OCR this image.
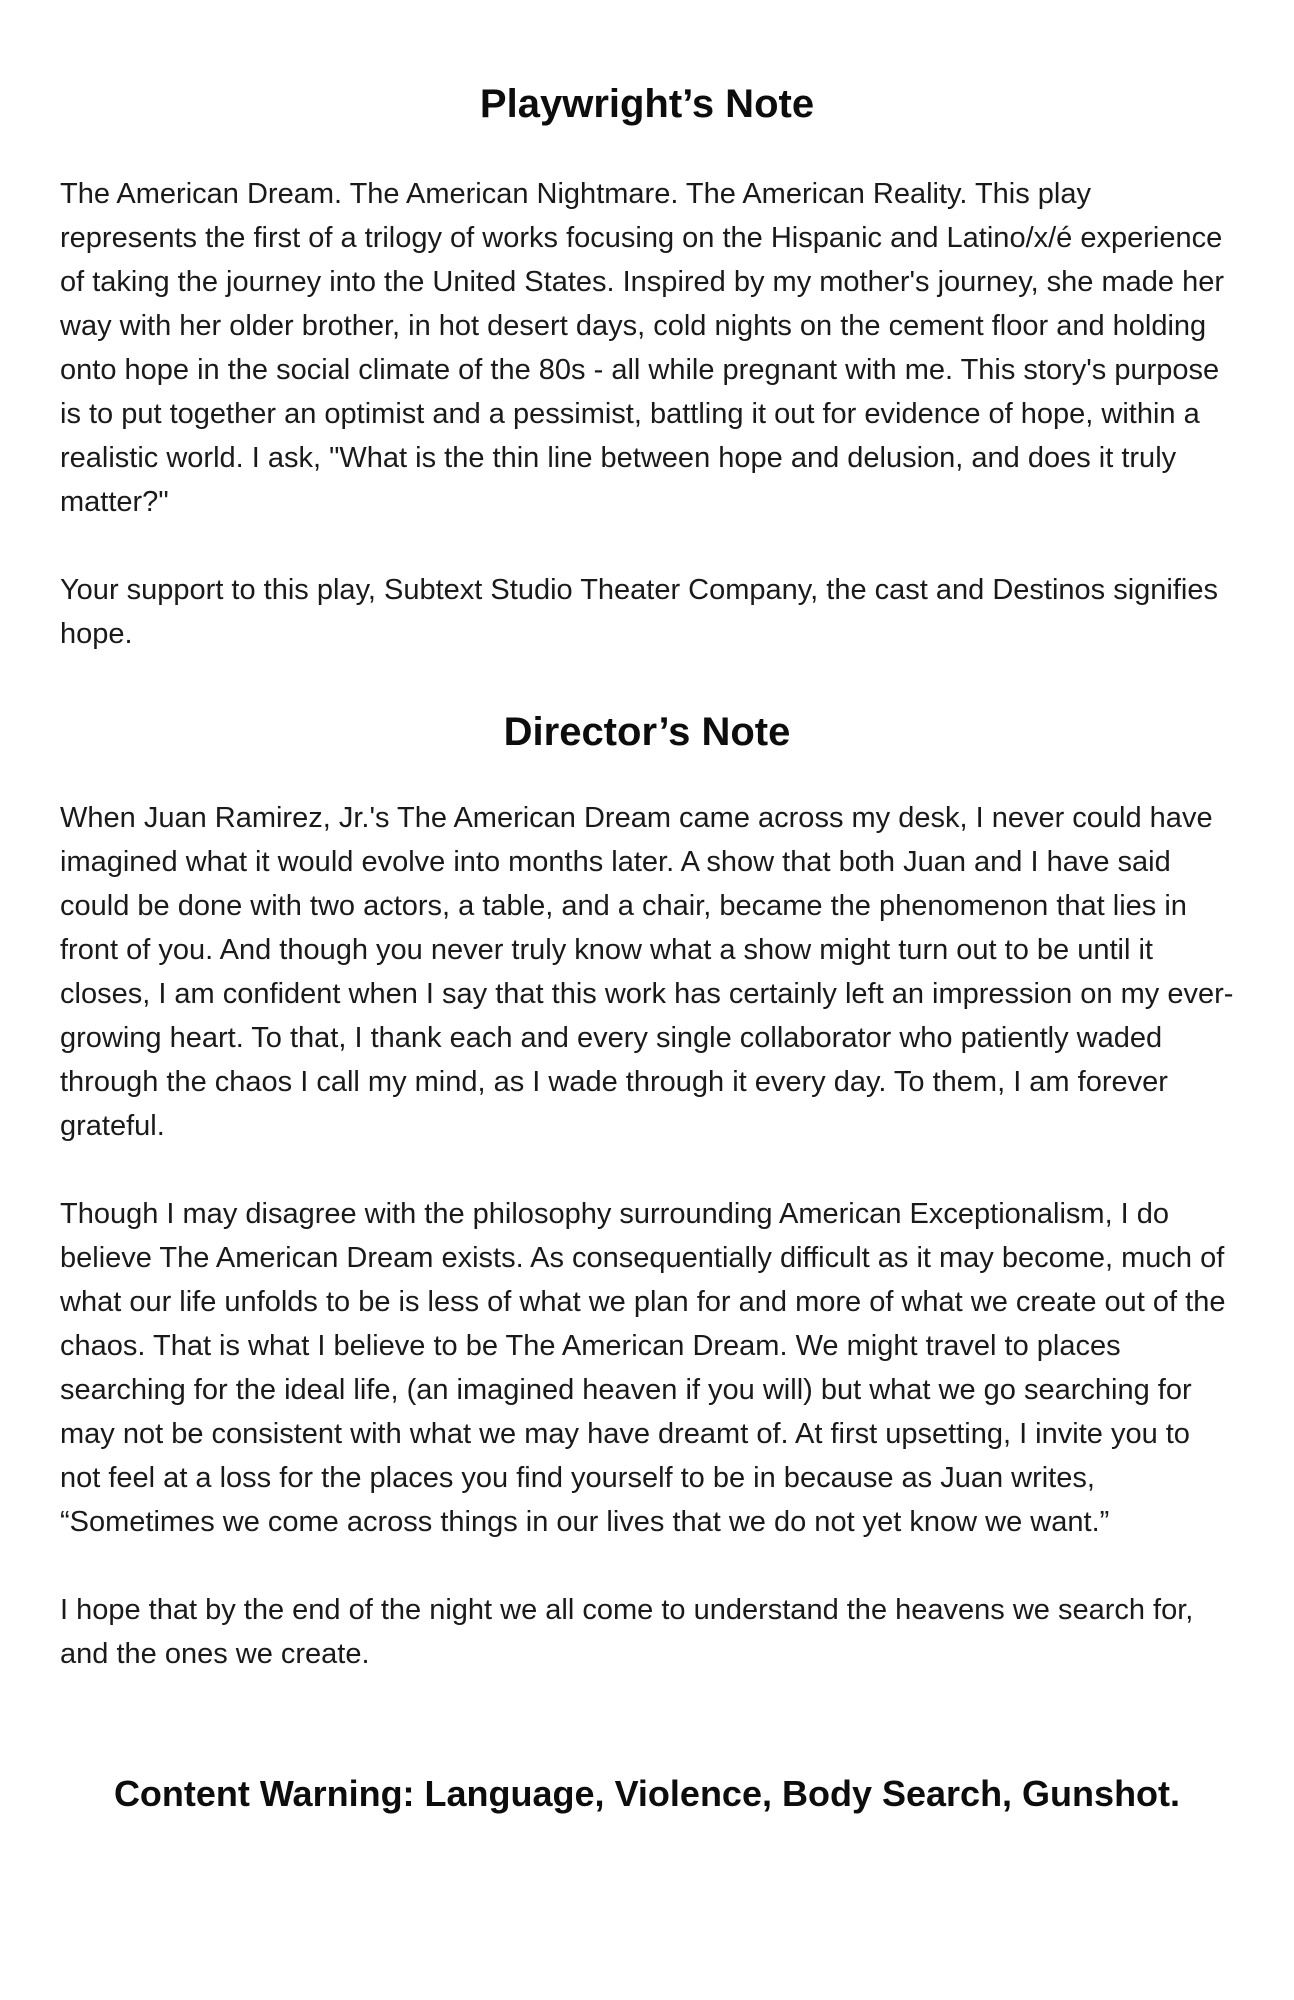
Playwright’s Note

The American Dream. The American Nightmare. The American Reality. This play represents the first of a trilogy of works focusing on the Hispanic and Latino/x/é experience of taking the journey into the United States. Inspired by my mother's journey, she made her way with her older brother, in hot desert days, cold nights on the cement floor and holding onto hope in the social climate of the 80s - all while pregnant with me. This story's purpose is to put together an optimist and a pessimist, battling it out for evidence of hope, within a realistic world. I ask, "What is the thin line between hope and delusion, and does it truly matter?"

Your support to this play, Subtext Studio Theater Company, the cast and Destinos signifies hope.

Director’s Note

When Juan Ramirez, Jr.'s The American Dream came across my desk, I never could have imagined what it would evolve into months later. A show that both Juan and I have said could be done with two actors, a table, and a chair, became the phenomenon that lies in front of you. And though you never truly know what a show might turn out to be until it closes, I am confident when I say that this work has certainly left an impression on my ever-growing heart. To that, I thank each and every single collaborator who patiently waded through the chaos I call my mind, as I wade through it every day. To them, I am forever grateful.

Though I may disagree with the philosophy surrounding American Exceptionalism, I do believe The American Dream exists. As consequentially difficult as it may become, much of what our life unfolds to be is less of what we plan for and more of what we create out of the chaos. That is what I believe to be The American Dream. We might travel to places searching for the ideal life, (an imagined heaven if you will) but what we go searching for may not be consistent with what we may have dreamt of. At first upsetting, I invite you to not feel at a loss for the places you find yourself to be in because as Juan writes, “Sometimes we come across things in our lives that we do not yet know we want.”

I hope that by the end of the night we all come to understand the heavens we search for, and the ones we create.

Content Warning: Language, Violence, Body Search, Gunshot.
